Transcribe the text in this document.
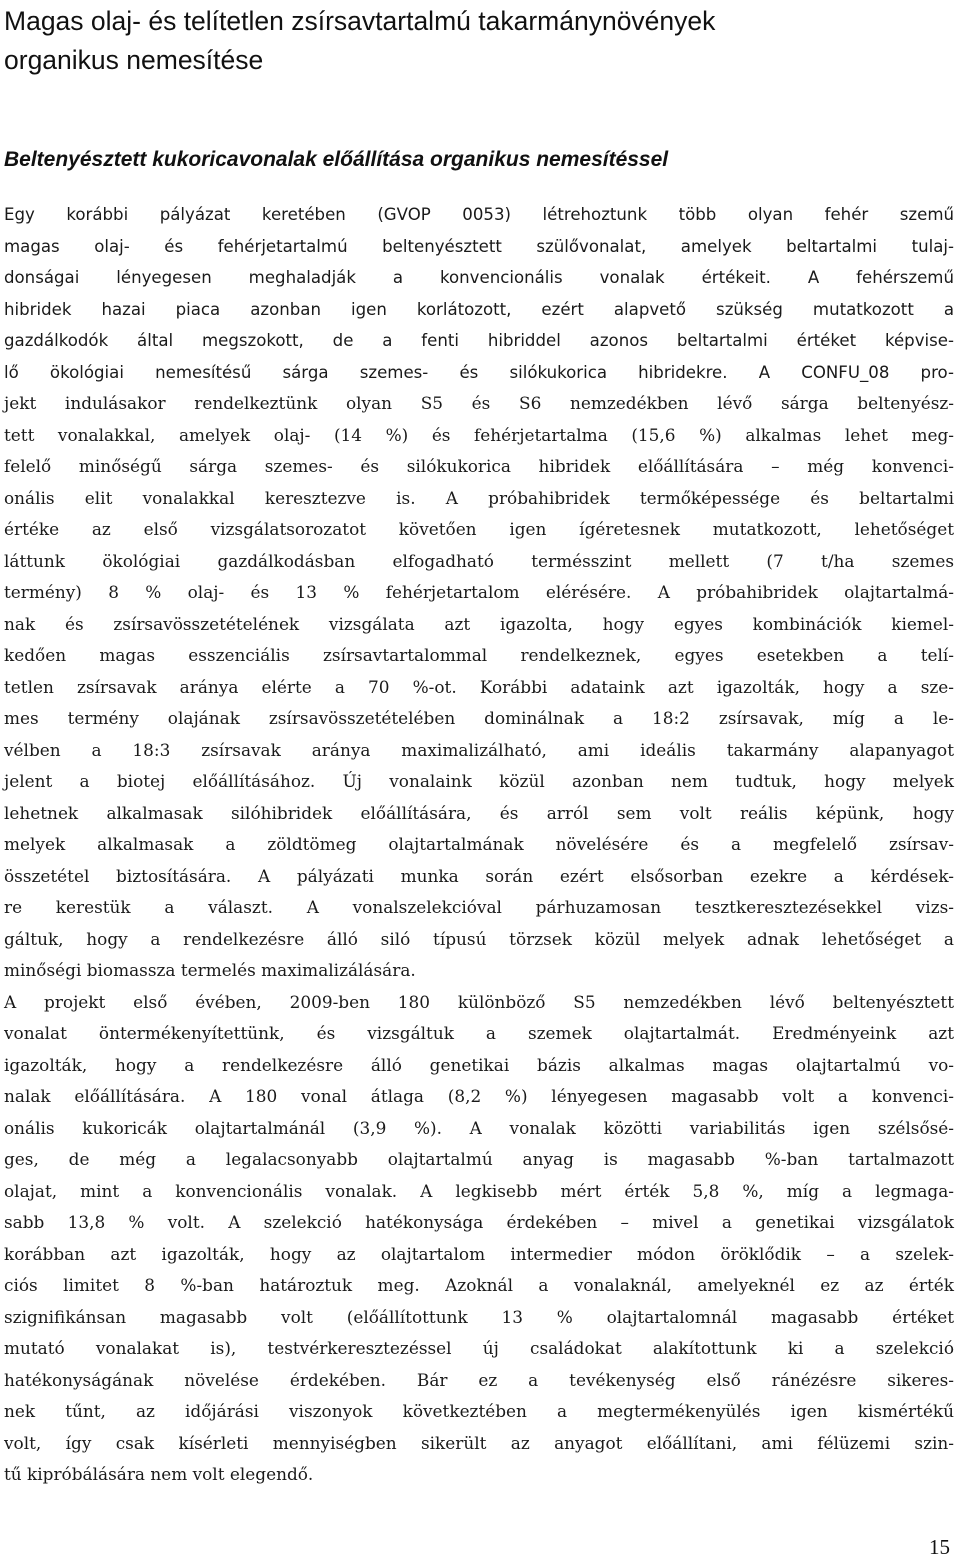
Magas olaj- és telítetlen zsírsavtartalmú takarmánynövények
organikus nemesítése
Beltenyésztett kukoricavonalak előállítása organikus nemesítéssel
Egy korábbi pályázat keretében (GVOP 0053) létrehoztunk több olyan fehér szemű
magas olaj- és fehérjetartalmú beltenyésztett szülővonalat, amelyek beltartalmi tulaj-
donságai lényegesen meghaladják a konvencionális vonalak értékeit. A fehérszemű
hibridek hazai piaca azonban igen korlátozott, ezért alapvető szükség mutatkozott a
gazdálkodók által megszokott, de a fenti hibriddel azonos beltartalmi értéket képvise-
lő ökológiai nemesítésű sárga szemes- és silókukorica hibridekre. A CONFU_08 pro-
jekt indulásakor rendelkeztünk olyan S5 és S6 nemzedékben lévő sárga beltenyész-
tett vonalakkal, amelyek olaj- (14 %) és fehérjetartalma (15,6 %) alkalmas lehet meg-
felelő minőségű sárga szemes- és silókukorica hibridek előállítására – még konvenci-
onális elit vonalakkal keresztezve is. A próbahibridek termőképessége és beltartalmi
értéke az első vizsgálatsorozatot követően igen ígéretesnek mutatkozott, lehetőséget
láttunk ökológiai gazdálkodásban elfogadható termésszint mellett (7 t/ha szemes
termény) 8 % olaj- és 13 % fehérjetartalom elérésére. A próbahibridek olajtartalmá-
nak és zsírsavösszetételének vizsgálata azt igazolta, hogy egyes kombinációk kiemel-
kedően magas esszenciális zsírsavtartalommal rendelkeznek, egyes esetekben a telí-
tetlen zsírsavak aránya elérte a 70 %-ot. Korábbi adataink azt igazolták, hogy a sze-
mes termény olajának zsírsavösszetételében dominálnak a 18:2 zsírsavak, míg a le-
vélben a 18:3 zsírsavak aránya maximalizálható, ami ideális takarmány alapanyagot
jelent a biotej előállításához. Új vonalaink közül azonban nem tudtuk, hogy melyek
lehetnek alkalmasak silóhibridek előállítására, és arról sem volt reális képünk, hogy
melyek alkalmasak a zöldtömeg olajtartalmának növelésére és a megfelelő zsírsav-
összetétel biztosítására. A pályázati munka során ezért elsősorban ezekre a kérdések-
re kerestük a választ. A vonalszelekcióval párhuzamosan tesztkeresztezésekkel vizs-
gáltuk, hogy a rendelkezésre álló siló típusú törzsek közül melyek adnak lehetőséget a
minőségi biomassza termelés maximalizálására.
A projekt első évében, 2009-ben 180 különböző S5 nemzedékben lévő beltenyésztett
vonalat öntermékenyítettünk, és vizsgáltuk a szemek olajtartalmát. Eredményeink azt
igazolták, hogy a rendelkezésre álló genetikai bázis alkalmas magas olajtartalmú vo-
nalak előállítására. A 180 vonal átlaga (8,2 %) lényegesen magasabb volt a konvenci-
onális kukoricák olajtartalmánál (3,9 %). A vonalak közötti variabilitás igen szélsősé-
ges, de még a legalacsonyabb olajtartalmú anyag is magasabb %-ban tartalmazott
olajat, mint a konvencionális vonalak. A legkisebb mért érték 5,8 %, míg a legmaga-
sabb 13,8 % volt. A szelekció hatékonysága érdekében – mivel a genetikai vizsgálatok
korábban azt igazolták, hogy az olajtartalom intermedier módon öröklődik – a szelek-
ciós limitet 8 %-ban határoztuk meg. Azoknál a vonalaknál, amelyeknél ez az érték
szignifikánsan magasabb volt (előállítottunk 13 % olajtartalomnál magasabb értéket
mutató vonalakat is), testvérkeresztezéssel új családokat alakítottunk ki a szelekció
hatékonyságának növelése érdekében. Bár ez a tevékenység első ránézésre sikeres-
nek tűnt, az időjárási viszonyok következtében a megtermékenyülés igen kismértékű
volt, így csak kísérleti mennyiségben sikerült az anyagot előállítani, ami félüzemi szin-
tű kipróbálására nem volt elegendő.
15
